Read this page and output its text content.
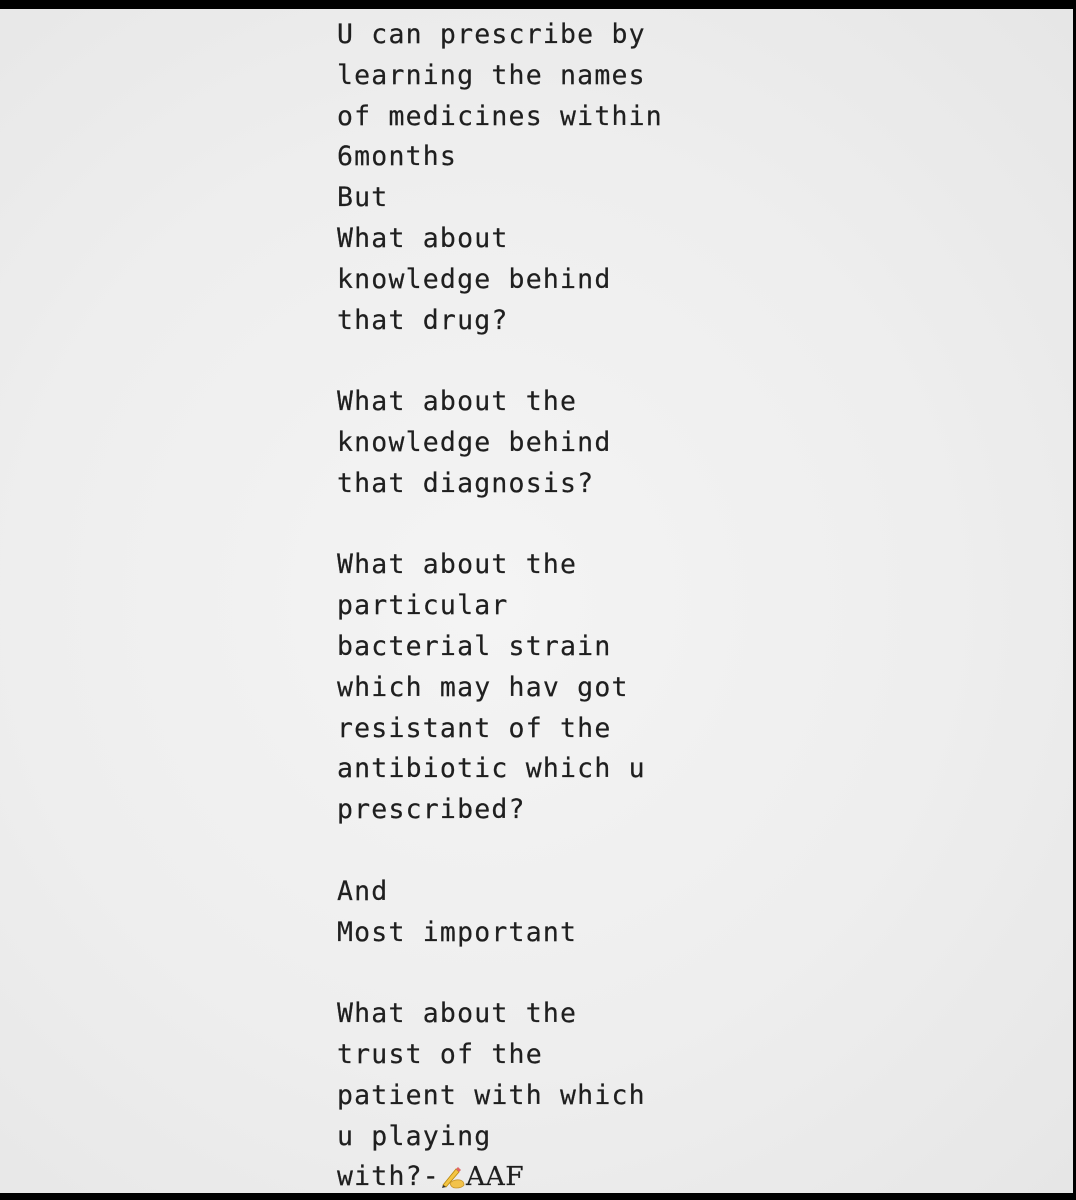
U can prescribe by
learning the names
of medicines within
6months
But
What about
knowledge behind
that drug?
What about the
knowledge behind
that diagnosis?
What about the
particular
bacterial strain
which may hav got
resistant of the
antibiotic which u
prescribed?
And
Most important
What about the
trust of the
patient with which
u playing
with?- AAF
